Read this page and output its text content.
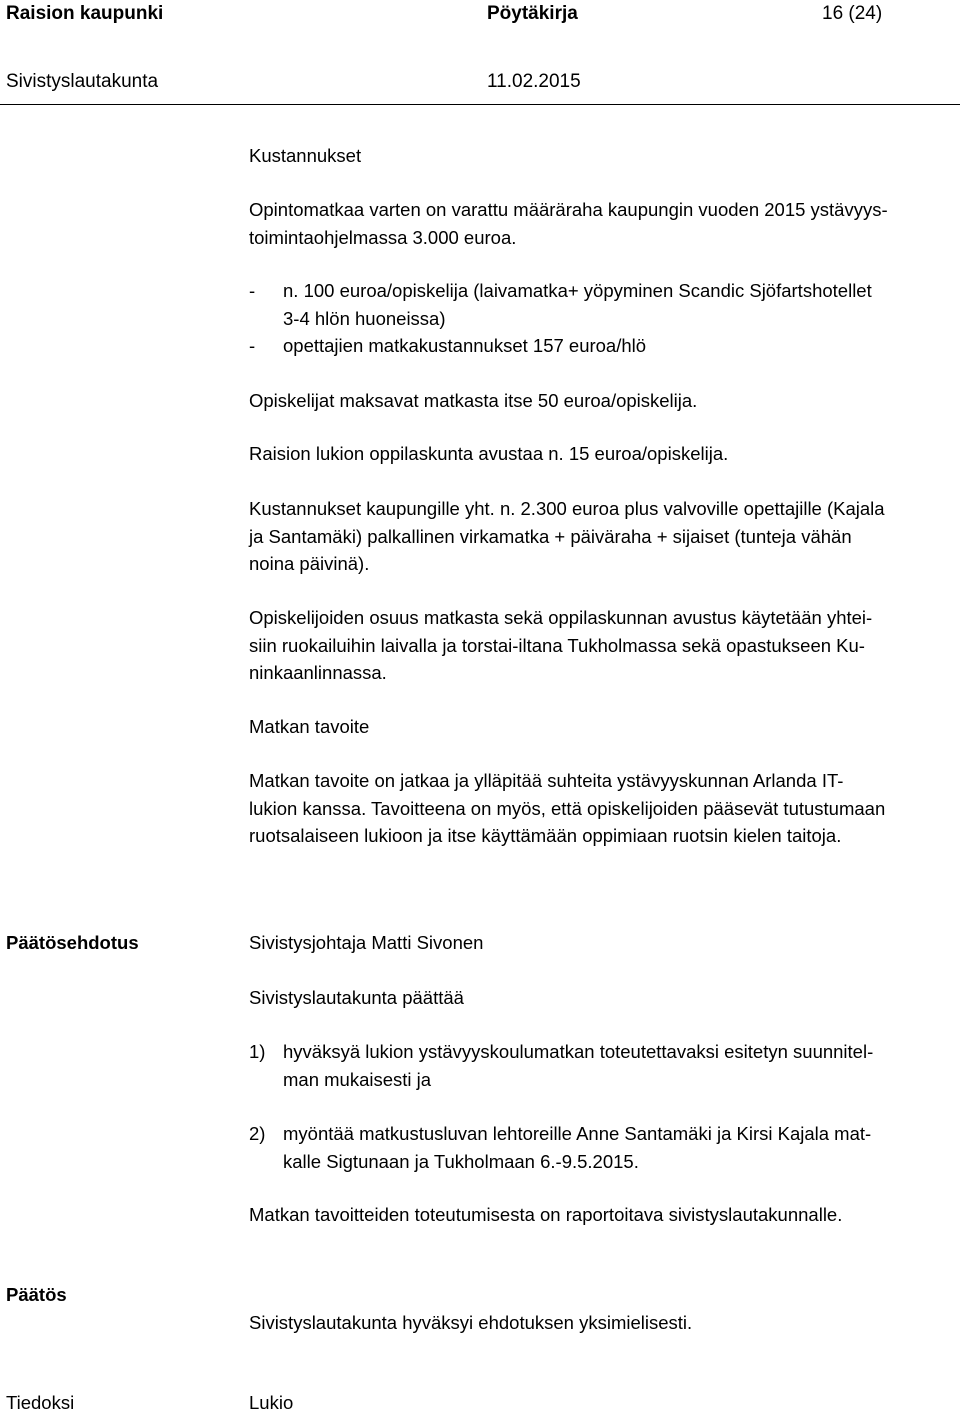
Raision kaupunki	Pöytäkirja	16 (24)
Sivistyslautakunta	11.02.2015
Kustannukset
Opintomatkaa varten on varattu määräraha kaupungin vuoden 2015 ystävyys-
toimintaohjelmassa 3.000 euroa.
- n. 100 euroa/opiskelija (laivamatka+ yöpyminen Scandic Sjöfartshotellet
3-4 hlön huoneissa)
- opettajien matkakustannukset 157 euroa/hlö
Opiskelijat maksavat matkasta itse 50 euroa/opiskelija.
Raision lukion oppilaskunta avustaa n. 15 euroa/opiskelija.
Kustannukset kaupungille yht. n. 2.300 euroa plus valvoville opettajille (Kajala
ja Santamäki) palkallinen virkamatka + päiväraha + sijaiset (tunteja vähän
noina päivinä).
Opiskelijoiden osuus matkasta sekä oppilaskunnan avustus käytetään yhtei-
siin ruokailuihin laivalla ja torstai-iltana Tukholmassa sekä opastukseen Ku-
ninkaanlinnassa.
Matkan tavoite
Matkan tavoite on jatkaa ja ylläpitää suhteita ystävyyskunnan Arlanda IT-
lukion kanssa. Tavoitteena on myös, että opiskelijoiden pääsevät tutustumaan
ruotsalaiseen lukioon ja itse käyttämään oppimiaan ruotsin kielen taitoja.
Päätösehdotus	Sivistysjohtaja Matti Sivonen
Sivistyslautakunta päättää
1) hyväksyä lukion ystävyyskoulumatkan toteutettavaksi esitetyn suunnitel-
man mukaisesti ja
2) myöntää matkustusluvan lehtoreille Anne Santamäki ja Kirsi Kajala mat-
kalle Sigtunaan ja Tukholmaan 6.-9.5.2015.
Matkan tavoitteiden toteutumisesta on raportoitava sivistyslautakunnalle.
Päätös
Sivistyslautakunta hyväksyi ehdotuksen yksimielisesti.
Tiedoksi	Lukio
